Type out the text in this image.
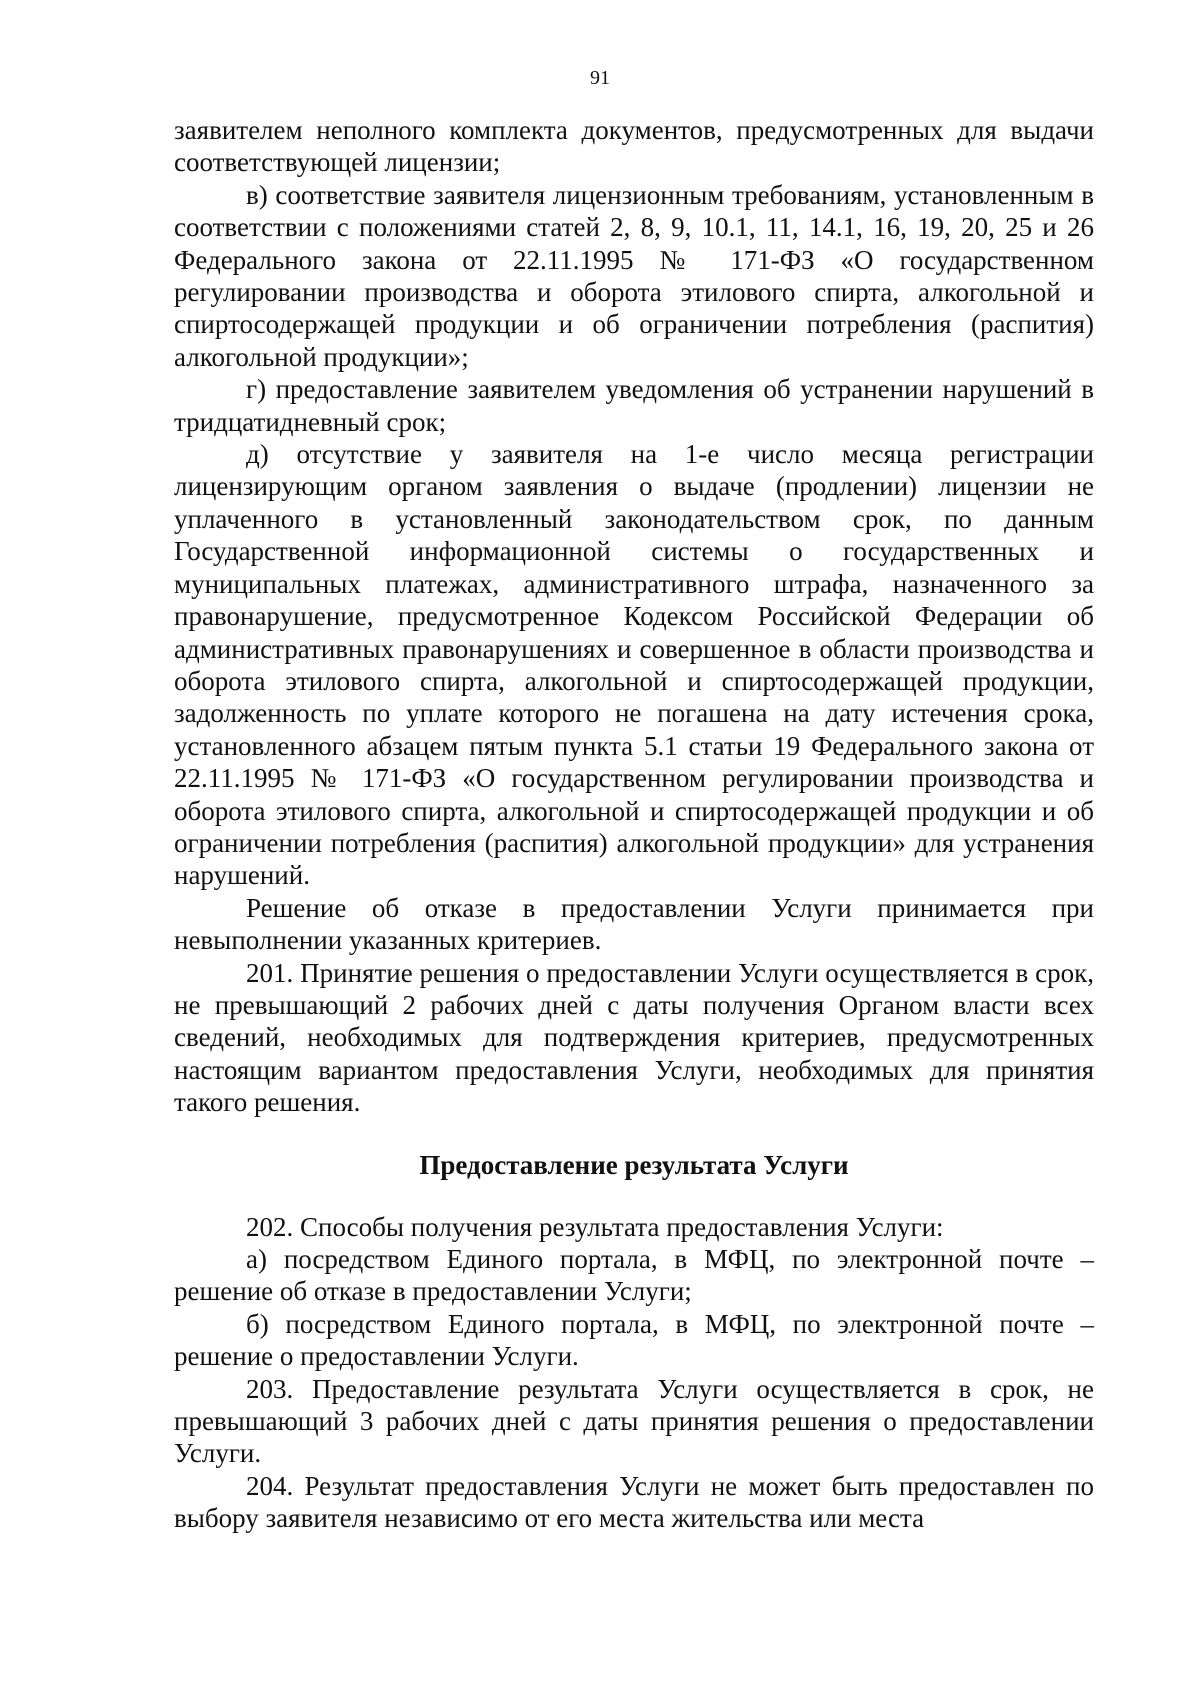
91

заявителем неполного комплекта документов, предусмотренных для выдачи соответствующей лицензии;

в) соответствие заявителя лицензионным требованиям, установленным в соответствии с положениями статей 2, 8, 9, 10.1, 11, 14.1, 16, 19, 20, 25 и 26 Федерального закона от 22.11.1995 № 171-ФЗ «О государственном регулировании производства и оборота этилового спирта, алкогольной и спиртосодержащей продукции и об ограничении потребления (распития) алкогольной продукции»;

г) предоставление заявителем уведомления об устранении нарушений в тридцатидневный срок;

д) отсутствие у заявителя на 1-е число месяца регистрации лицензирующим органом заявления о выдаче (продлении) лицензии не уплаченного в установленный законодательством срок, по данным Государственной информационной системы о государственных и муниципальных платежах, административного штрафа, назначенного за правонарушение, предусмотренное Кодексом Российской Федерации об административных правонарушениях и совершенное в области производства и оборота этилового спирта, алкогольной и спиртосодержащей продукции, задолженность по уплате которого не погашена на дату истечения срока, установленного абзацем пятым пункта 5.1 статьи 19 Федерального закона от 22.11.1995 № 171-ФЗ «О государственном регулировании производства и оборота этилового спирта, алкогольной и спиртосодержащей продукции и об ограничении потребления (распития) алкогольной продукции» для устранения нарушений.

Решение об отказе в предоставлении Услуги принимается при невыполнении указанных критериев.

201. Принятие решения о предоставлении Услуги осуществляется в срок, не превышающий 2 рабочих дней с даты получения Органом власти всех сведений, необходимых для подтверждения критериев, предусмотренных настоящим вариантом предоставления Услуги, необходимых для принятия такого решения.

Предоставление результата Услуги

202. Способы получения результата предоставления Услуги:

а) посредством Единого портала, в МФЦ, по электронной почте – решение об отказе в предоставлении Услуги;

б) посредством Единого портала, в МФЦ, по электронной почте – решение о предоставлении Услуги.

203. Предоставление результата Услуги осуществляется в срок, не превышающий 3 рабочих дней с даты принятия решения о предоставлении Услуги.

204. Результат предоставления Услуги не может быть предоставлен по выбору заявителя независимо от его места жительства или места
